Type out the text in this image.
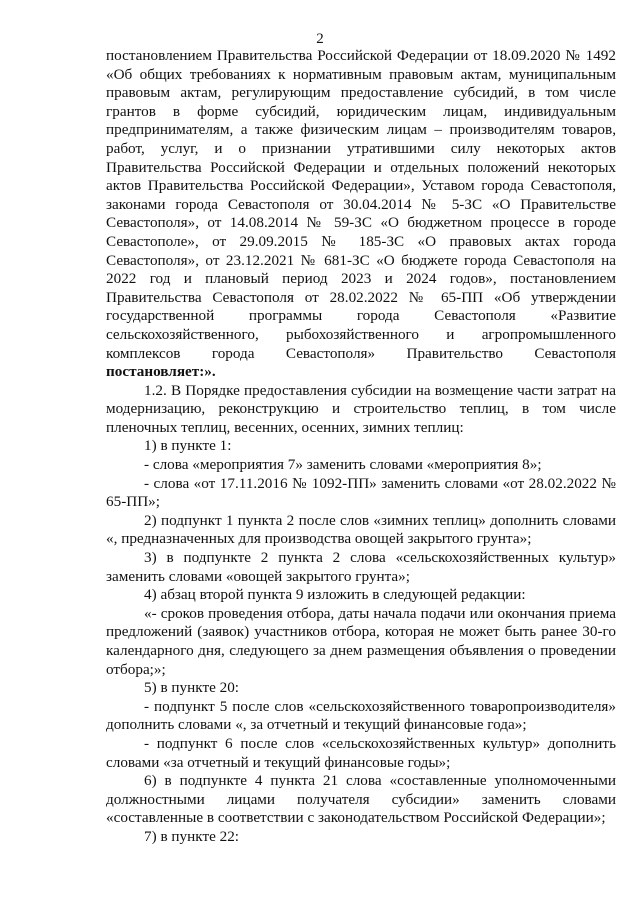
2

постановлением Правительства Российской Федерации от 18.09.2020 № 1492 «Об общих требованиях к нормативным правовым актам, муниципальным правовым актам, регулирующим предоставление субсидий, в том числе грантов в форме субсидий, юридическим лицам, индивидуальным предпринимателям, а также физическим лицам – производителям товаров, работ, услуг, и о признании утратившими силу некоторых актов Правительства Российской Федерации и отдельных положений некоторых актов Правительства Российской Федерации», Уставом города Севастополя, законами города Севастополя от 30.04.2014 № 5-ЗС «О Правительстве Севастополя», от 14.08.2014 № 59-ЗС «О бюджетном процессе в городе Севастополе», от 29.09.2015 № 185-ЗС «О правовых актах города Севастополя», от 23.12.2021 № 681-ЗС «О бюджете города Севастополя на 2022 год и плановый период 2023 и 2024 годов», постановлением Правительства Севастополя от 28.02.2022 № 65-ПП «Об утверждении государственной программы города Севастополя «Развитие сельскохозяйственного, рыбохозяйственного и агропромышленного комплексов города Севастополя» Правительство Севастополя постановляет:».

1.2. В Порядке предоставления субсидии на возмещение части затрат на модернизацию, реконструкцию и строительство теплиц, в том числе пленочных теплиц, весенних, осенних, зимних теплиц:

1) в пункте 1:

- слова «мероприятия 7» заменить словами «мероприятия 8»;

- слова «от 17.11.2016 № 1092-ПП» заменить словами «от 28.02.2022 № 65-ПП»;

2) подпункт 1 пункта 2 после слов «зимних теплиц» дополнить словами «, предназначенных для производства овощей закрытого грунта»;

3) в подпункте 2 пункта 2 слова «сельскохозяйственных культур» заменить словами «овощей закрытого грунта»;

4) абзац второй пункта 9 изложить в следующей редакции:

«- сроков проведения отбора, даты начала подачи или окончания приема предложений (заявок) участников отбора, которая не может быть ранее 30-го календарного дня, следующего за днем размещения объявления о проведении отбора;»;

5) в пункте 20:

- подпункт 5 после слов «сельскохозяйственного товаропроизводителя» дополнить словами «, за отчетный и текущий финансовые года»;

- подпункт 6 после слов «сельскохозяйственных культур» дополнить словами «за отчетный и текущий финансовые годы»;

6) в подпункте 4 пункта 21 слова «составленные уполномоченными должностными лицами получателя субсидии» заменить словами «составленные в соответствии с законодательством Российской Федерации»;

7) в пункте 22:
